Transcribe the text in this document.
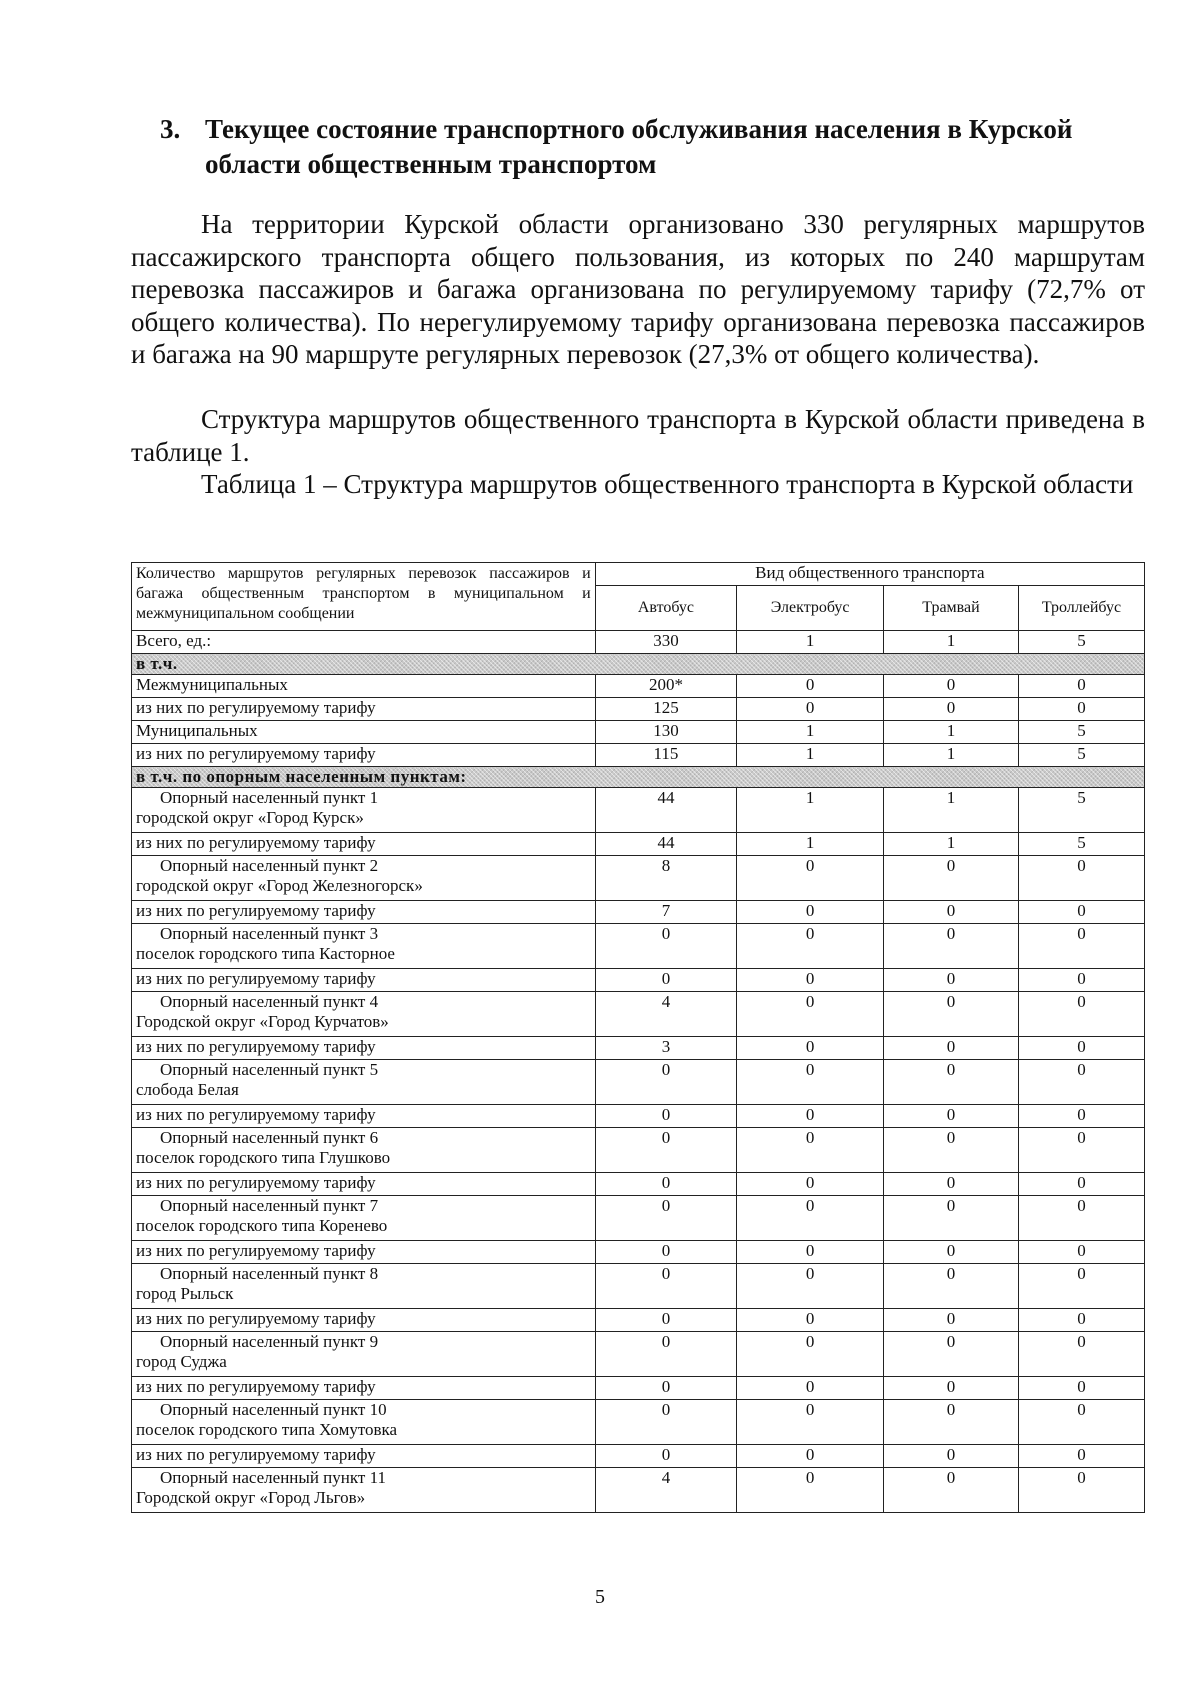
3. Текущее состояние транспортного обслуживания населения в Курской области общественным транспортом

На территории Курской области организовано 330 регулярных маршрутов пассажирского транспорта общего пользования, из которых по 240 маршрутам перевозка пассажиров и багажа организована по регулируемому тарифу (72,7% от общего количества). По нерегулируемому тарифу организована перевозка пассажиров и багажа на 90 маршруте регулярных перевозок (27,3% от общего количества).

Структура маршрутов общественного транспорта в Курской области приведена в таблице 1.

Таблица 1 – Структура маршрутов общественного транспорта в Курской области

Количество маршрутов регулярных перевозок пассажиров и багажа общественным транспортом в муниципальном и межмуниципальном сообщении	Вид общественного транспорта			
	Автобус	Электробус	Трамвай	Троллейбус
Всего, ед.:	330	1	1	5
в т.ч.				
Межмуниципальных	200*	0	0	0
из них по регулируемому тарифу	125	0	0	0
Муниципальных	130	1	1	5
из них по регулируемому тарифу	115	1	1	5
в т.ч. по опорным населенным пунктам:				

Опорный населенный пункт 1
городской округ «Город Курск»	44	1	1	5
из них по регулируемому тарифу	44	1	1	5

Опорный населенный пункт 2
городской округ «Город Железногорск»	8	0	0	0
из них по регулируемому тарифу	7	0	0	0

Опорный населенный пункт 3
поселок городского типа Касторное	0	0	0	0
из них по регулируемому тарифу	0	0	0	0

Опорный населенный пункт 4
Городской округ «Город Курчатов»	4	0	0	0
из них по регулируемому тарифу	3	0	0	0

Опорный населенный пункт 5
слобода Белая	0	0	0	0
из них по регулируемому тарифу	0	0	0	0

Опорный населенный пункт 6
поселок городского типа Глушково	0	0	0	0
из них по регулируемому тарифу	0	0	0	0

Опорный населенный пункт 7
поселок городского типа Коренево	0	0	0	0
из них по регулируемому тарифу	0	0	0	0

Опорный населенный пункт 8
город Рыльск	0	0	0	0
из них по регулируемому тарифу	0	0	0	0

Опорный населенный пункт 9
город Суджа	0	0	0	0
из них по регулируемому тарифу	0	0	0	0

Опорный населенный пункт 10
поселок городского типа Хомутовка	0	0	0	0
из них по регулируемому тарифу	0	0	0	0

Опорный населенный пункт 11
Городской округ «Город Льгов»	4	0	0	0
5
